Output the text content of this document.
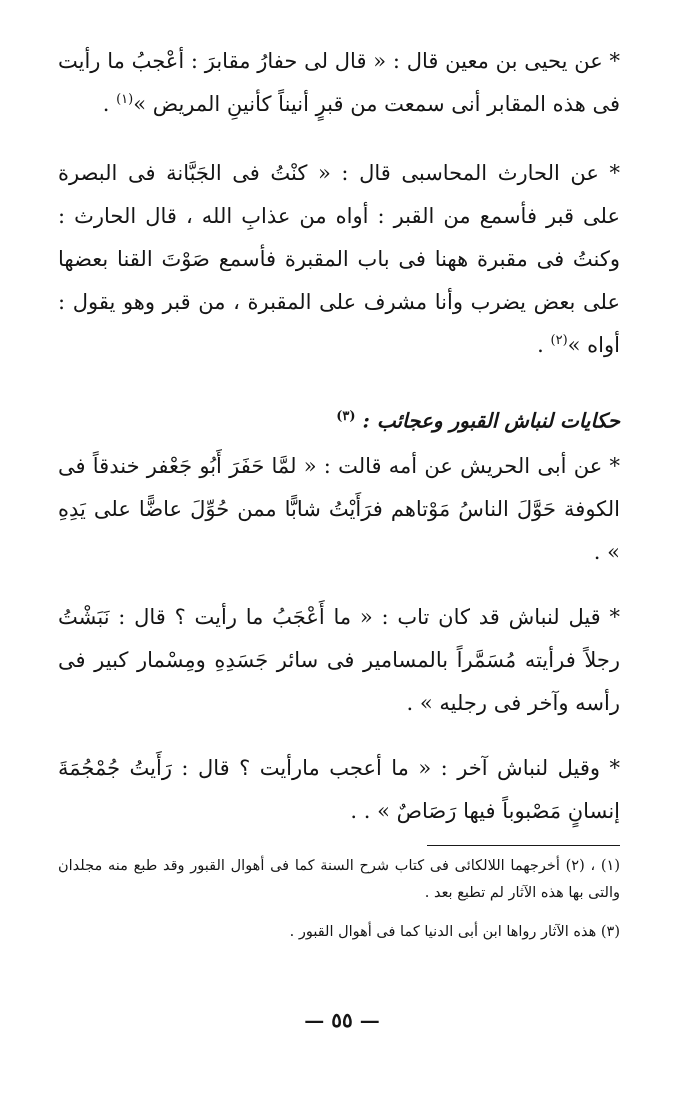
* عن يحيى بن معين قال : « قال لى حفارُ مقابرَ : أعْجبُ ما رأيت فى هذه المقابر أنى سمعت من قبرٍ أنيناً كأنينِ المريض »$^{(١)}$ .

* عن الحارث المحاسبى قال : « كنْتُ فى الجَبَّانة فى البصرة على قبر فأسمع من القبر : أواه من عذابِ الله ، قال الحارث : وكنتُ فى مقبرة ههنا فى باب المقبرة فأسمع صَوْتَ القنا بعضها على بعض يضرب وأنا مشرف على المقبرة ، من قبر وهو يقول : أواه »$^{(٢)}$ .

حكايات لنباش القبور وعجائب : $^{(٣)}$

* عن أبى الحريش عن أمه قالت : « لمَّا حَفَرَ أَبُو جَعْفر خندقاً فى الكوفة حَوَّلَ الناسُ مَوْتاهم فرَأَيْتُ شابًّا ممن حُوِّلَ عاضًّا على يَدِهِ » .

* قيل لنباش قد كان تاب : « ما أَعْجَبُ ما رأيت ؟ قال : نَبَشْتُ رجلاً فرأيته مُسَمَّراً بالمسامير فى سائر جَسَدِهِ ومِسْمار كبير فى رأسه وآخر فى رجليه » .

* وقيل لنباش آخر : « ما أعجب مارأيت ؟ قال : رَأَيتُ جُمْجُمَةَ إنسانٍ مَصْبوباً فيها رَصَاصٌ » . .

(١) ، (٢) أخرجهما اللالكائى فى كتاب شرح السنة كما فى أهوال القبور وقد طبع منه مجلدان والتى بها هذه الآثار لم تطبع بعد .

(٣) هذه الآثار رواها ابن أبى الدنيا كما فى أهوال القبور .

— ٥٥ —
